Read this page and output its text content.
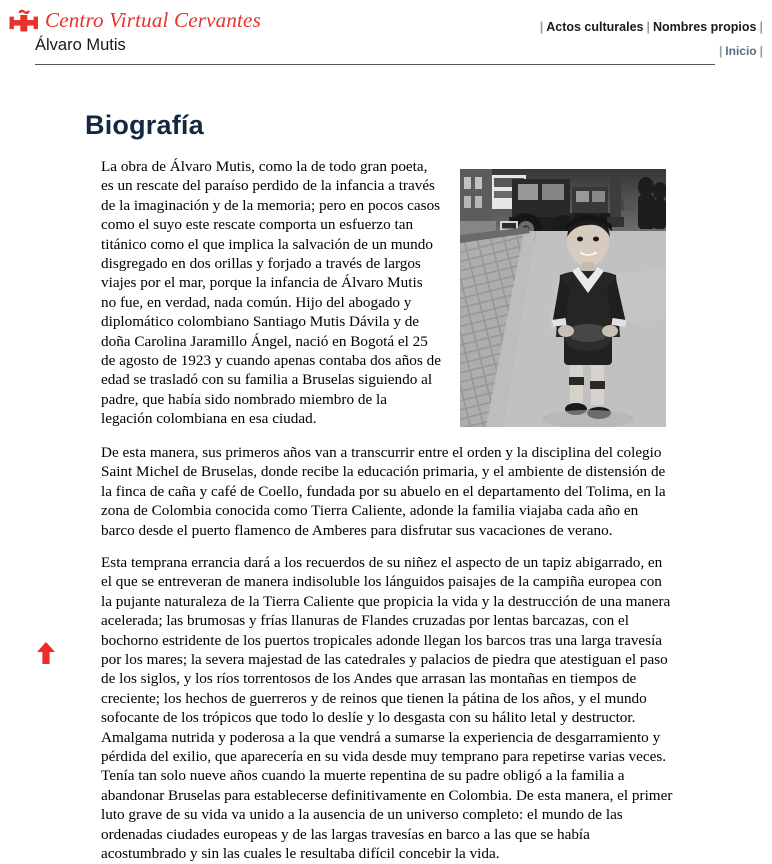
Centro Virtual Cervantes
Álvaro Mutis
| Actos culturales | Nombres propios |
| Inicio |
Biografía

La obra de Álvaro Mutis, como la de todo gran poeta, es un rescate del paraíso perdido de la infancia a través de la imaginación y de la memoria; pero en pocos casos como el suyo este rescate comporta un esfuerzo tan titánico como el que implica la salvación de un mundo disgregado en dos orillas y forjado a través de largos viajes por el mar, porque la infancia de Álvaro Mutis no fue, en verdad, nada común. Hijo del abogado y diplomático colombiano Santiago Mutis Dávila y de doña Carolina Jaramillo Ángel, nació en Bogotá el 25 de agosto de 1923 y cuando apenas contaba dos años de edad se trasladó con su familia a Bruselas siguiendo al padre, que había sido nombrado miembro de la legación colombiana en esa ciudad.

De esta manera, sus primeros años van a transcurrir entre el orden y la disciplina del colegio Saint Michel de Bruselas, donde recibe la educación primaria, y el ambiente de distensión de la finca de caña y café de Coello, fundada por su abuelo en el departamento del Tolima, en la zona de Colombia conocida como Tierra Caliente, adonde la familia viajaba cada año en barco desde el puerto flamenco de Amberes para disfrutar sus vacaciones de verano.

Esta temprana errancia dará a los recuerdos de su niñez el aspecto de un tapiz abigarrado, en el que se entreveran de manera indisoluble los lánguidos paisajes de la campiña europea con la pujante naturaleza de la Tierra Caliente que propicia la vida y la destrucción de una manera acelerada; las brumosas y frías llanuras de Flandes cruzadas por lentas barcazas, con el bochorno estridente de los puertos tropicales adonde llegan los barcos tras una larga travesía por los mares; la severa majestad de las catedrales y palacios de piedra que atestiguan el paso de los siglos, y los ríos torrentosos de los Andes que arrasan las montañas en tiempos de creciente; los hechos de guerreros y de reinos que tienen la pátina de los años, y el mundo sofocante de los trópicos que todo lo deslíe y lo desgasta con su hálito letal y destructor. Amalgama nutrida y poderosa a la que vendrá a sumarse la experiencia de desgarramiento y pérdida del exilio, que aparecería en su vida desde muy temprano para repetirse varias veces. Tenía tan solo nueve años cuando la muerte repentina de su padre obligó a la familia a abandonar Bruselas para establecerse definitivamente en Colombia. De esta manera, el primer luto grave de su vida va unido a la ausencia de un universo completo: el mundo de las ordenadas ciudades europeas y de las largas travesías en barco a las que se había acostumbrado y sin las cuales le resultaba difícil concebir la vida.
